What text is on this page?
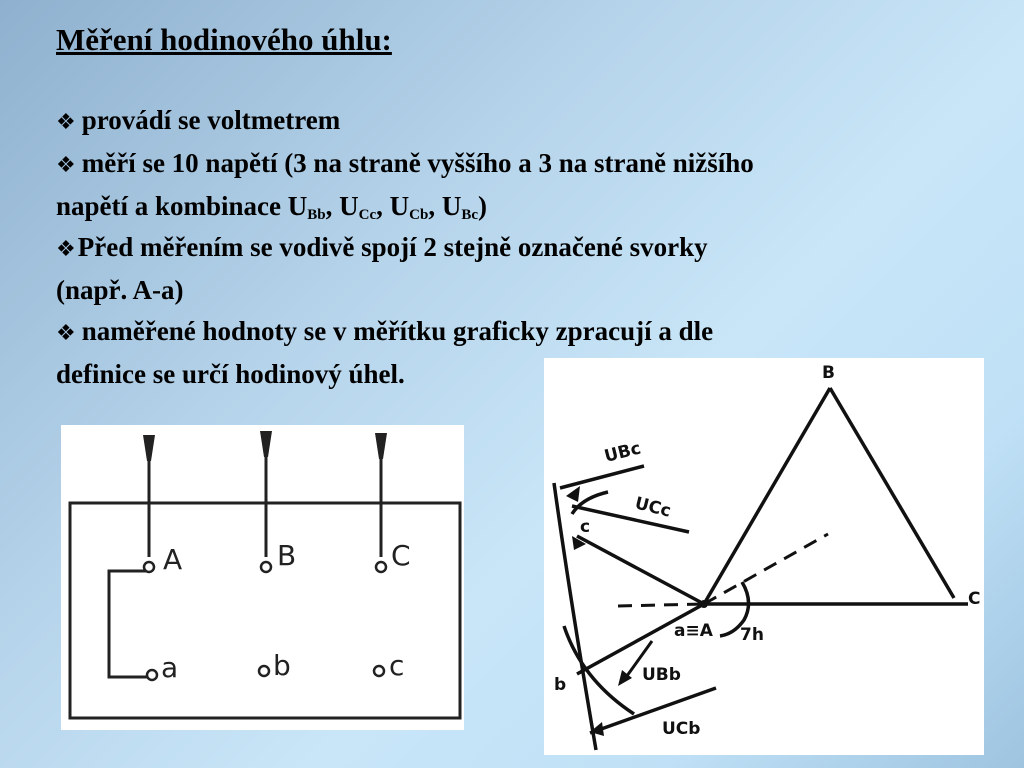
Měření hodinového úhlu:
❖ provádí se voltmetrem
❖ měří se 10 napětí (3 na straně vyššího a 3 na straně nižšího
napětí a kombinace $U_{Bb}$, $U_{Cc}$, $U_{Cb}$, $U_{Bc}$)
❖Před měřením se vodivě spojí 2 stejně označené svorky
(např. A-a)
❖ naměřené hodnoty se v měřítku graficky zpracují a dle
definice se určí hodinový úhel.
A	B	C
a	b	c
B
C
c
b
a≡A 7h
UBc
UCc
UBb
UCb
